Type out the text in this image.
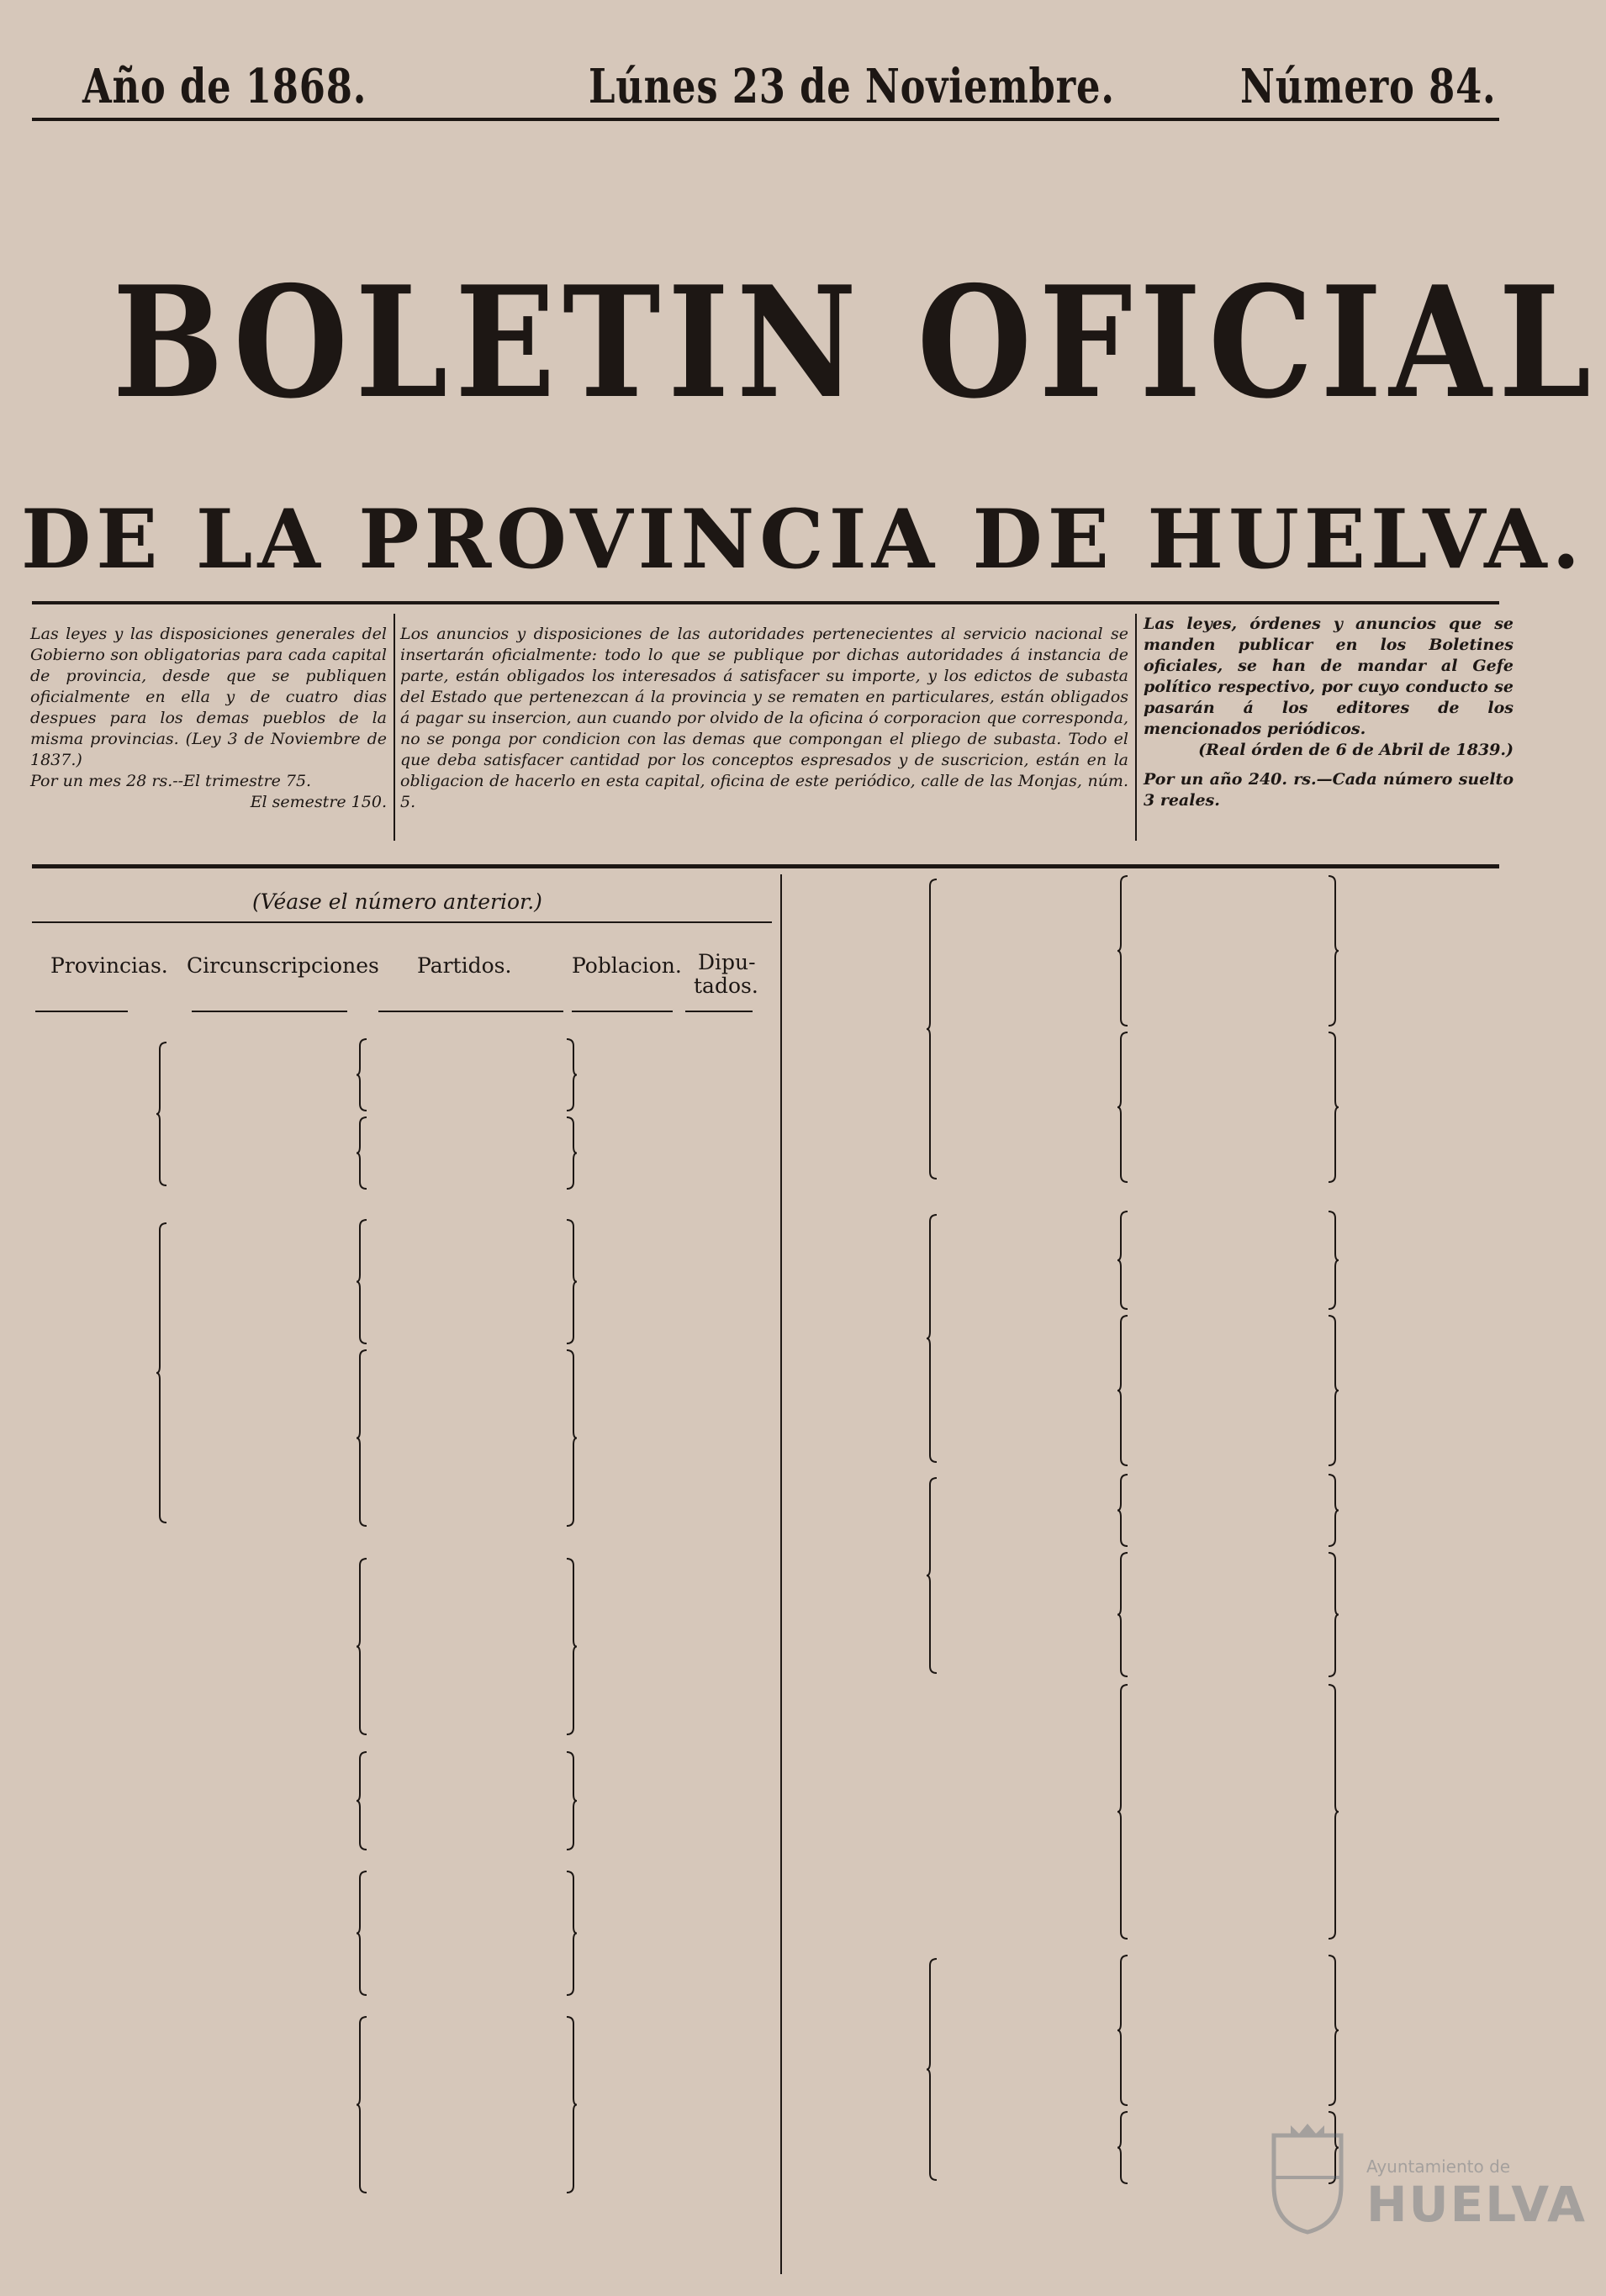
Año de 1868.	Lúnes 23 de Noviembre.	Número 84.
BOLETIN OFICIAL
DE LA PROVINCIA DE HUELVA.

Las leyes y las disposiciones generales del Gobierno son obligatorias para cada capital de provincia, desde que se publiquen oficialmente en ella y de cuatro dias despues para los demas pueblos de la misma provincias. (Ley 3 de Noviembre de 1837.)

Por un mes 28 rs.--El trimestre 75.

El semestre 150.

Los anuncios y disposiciones de las autoridades pertenecientes al servicio nacional se insertarán oficialmente: todo lo que se publique por dichas autoridades á instancia de parte, están obligados los interesados á satisfacer su importe, y los edictos de subasta del Estado que pertenezcan á la provincia y se rematen en particulares, están obligados á pagar su insercion, aun cuando por olvido de la oficina ó corporacion que corresponda, no se ponga por condicion con las demas que compongan el pliego de subasta. Todo el que deba satisfacer cantidad por los conceptos espresados y de suscricion, están en la obligacion de hacerlo en esta capital, oficina de este periódico, calle de las Monjas, núm. 5.

Las leyes, órdenes y anuncios que se manden publicar en los Boletines oficiales, se han de mandar al Gefe político respectivo, por cuyo conducto se pasarán á los editores de los mencionados periódicos.

(Real órden de 6 de Abril de 1839.)

Por un año 240. rs.—Cada número suelto 3 reales.

(Véase el número anterior.)
Provincias. Circunscripciones Partidos.	Poblacion. Dipu-
tados.
Ayuntamiento de
HUELVA
